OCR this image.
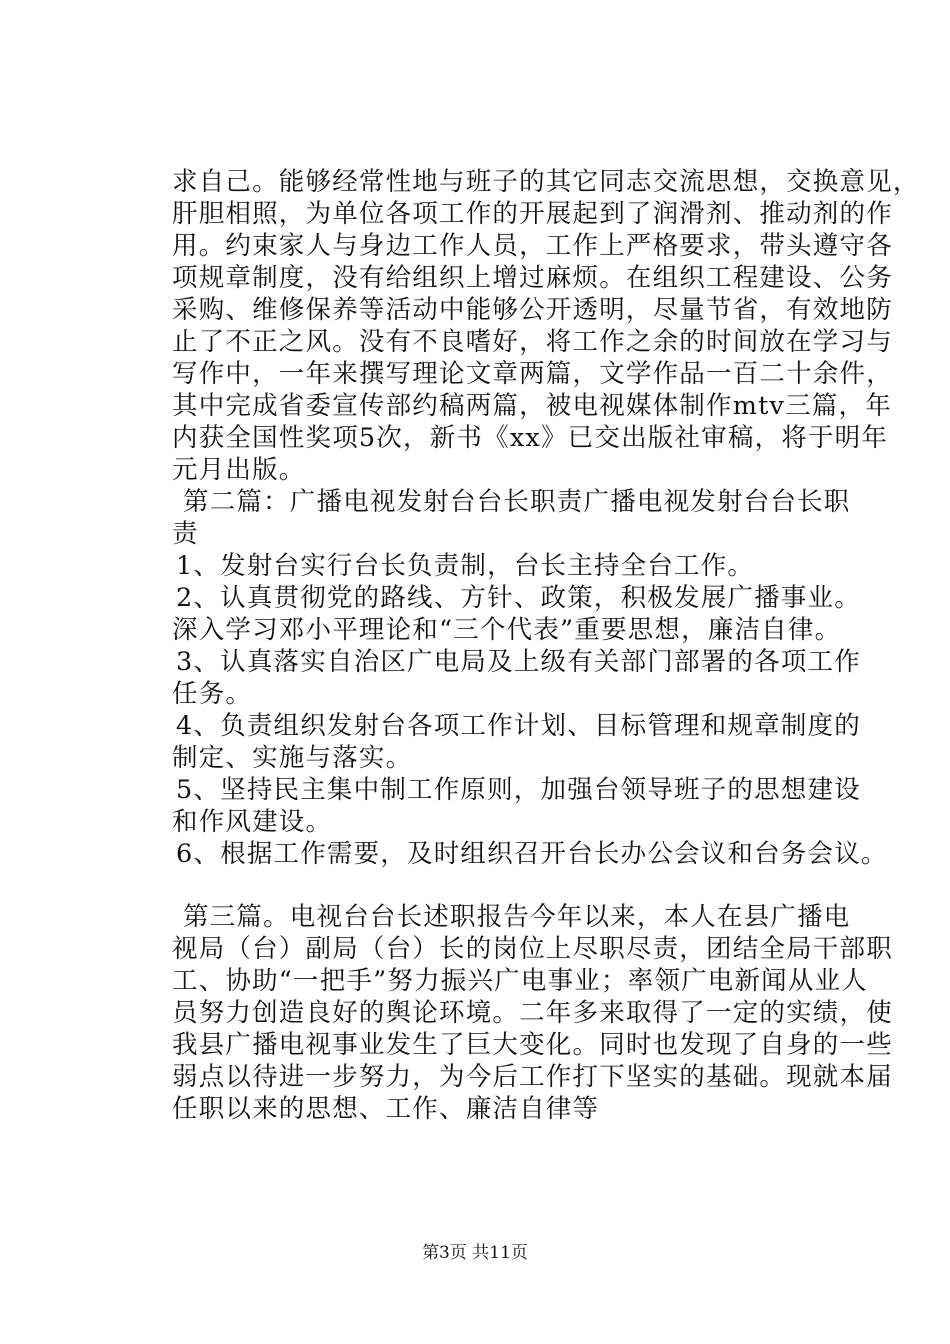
求自己。能够经常性地与班子的其它同志交流思想，交换意见，
肝胆相照，为单位各项工作的开展起到了润滑剂、推动剂的作
用。约束家人与身边工作人员，工作上严格要求，带头遵守各
项规章制度，没有给组织上增过麻烦。在组织工程建设、公务
采购、维修保养等活动中能够公开透明，尽量节省，有效地防
止了不正之风。没有不良嗜好，将工作之余的时间放在学习与
写作中，一年来撰写理论文章两篇，文学作品一百二十余件，
其中完成省委宣传部约稿两篇，被电视媒体制作mtv三篇，年
内获全国性奖项5次，新书《xx》已交出版社审稿，将于明年
元月出版。
第二篇：广播电视发射台台长职责广播电视发射台台长职
责
1、发射台实行台长负责制，台长主持全台工作。
2、认真贯彻党的路线、方针、政策，积极发展广播事业。
深入学习邓小平理论和“三个代表”重要思想，廉洁自律。
3、认真落实自治区广电局及上级有关部门部署的各项工作
任务。
4、负责组织发射台各项工作计划、目标管理和规章制度的
制定、实施与落实。
5、坚持民主集中制工作原则，加强台领导班子的思想建设
和作风建设。
6、根据工作需要，及时组织召开台长办公会议和台务会议。
第三篇。电视台台长述职报告今年以来，本人在县广播电
视局（台）副局（台）长的岗位上尽职尽责，团结全局干部职
工、协助“一把手”努力振兴广电事业；率领广电新闻从业人
员努力创造良好的舆论环境。二年多来取得了一定的实绩，使
我县广播电视事业发生了巨大变化。同时也发现了自身的一些
弱点以待进一步努力，为今后工作打下坚实的基础。现就本届
任职以来的思想、工作、廉洁自律等
第3页 共11页
